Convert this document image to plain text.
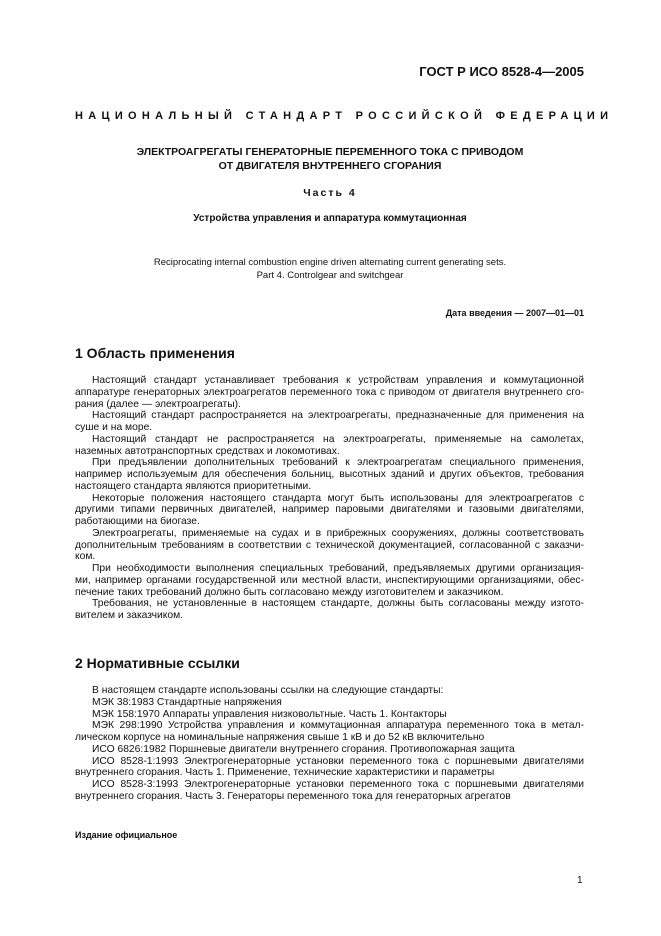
ГОСТ Р ИСО 8528-4—2005
НАЦИОНАЛЬНЫЙ СТАНДАРТ РОССИЙСКОЙ ФЕДЕРАЦИИ
ЭЛЕКТРОАГРЕГАТЫ ГЕНЕРАТОРНЫЕ ПЕРЕМЕННОГО ТОКА С ПРИВОДОМ
ОТ ДВИГАТЕЛЯ ВНУТРЕННЕГО СГОРАНИЯ
Часть 4
Устройства управления и аппаратура коммутационная
Reciprocating internal combustion engine driven alternating current generating sets.
Part 4. Controlgear and switchgear
Дата введения — 2007—01—01
1 Область применения
Настоящий стандарт устанавливает требования к устройствам управления и коммутационной
аппаратуре генераторных электроагрегатов переменного тока с приводом от двигателя внутреннего сго-
рания (далее — электроагрегаты).
Настоящий стандарт распространяется на электроагрегаты, предназначенные для применения на
суше и на море.
Настоящий стандарт не распространяется на электроагрегаты, применяемые на самолетах,
наземных автотранспортных средствах и локомотивах.
При предъявлении дополнительных требований к электроагрегатам специального применения,
например используемым для обеспечения больниц, высотных зданий и других объектов, требования
настоящего стандарта являются приоритетными.
Некоторые положения настоящего стандарта могут быть использованы для электроагрегатов с
другими типами первичных двигателей, например паровыми двигателями и газовыми двигателями,
работающими на биогазе.
Электроагрегаты, применяемые на судах и в прибрежных сооружениях, должны соответствовать
дополнительным требованиям в соответствии с технической документацией, согласованной с заказчи-
ком.
При необходимости выполнения специальных требований, предъявляемых другими организация-
ми, например органами государственной или местной власти, инспектирующими организациями, обес-
печение таких требований должно быть согласовано между изготовителем и заказчиком.
Требования, не установленные в настоящем стандарте, должны быть согласованы между изгото-
вителем и заказчиком.
2 Нормативные ссылки
В настоящем стандарте использованы ссылки на следующие стандарты:
МЭК 38:1983 Стандартные напряжения
МЭК 158:1970 Аппараты управления низковольтные. Часть 1. Контакторы
МЭК 298:1990 Устройства управления и коммутационная аппаратура переменного тока в метал-
лическом корпусе на номинальные напряжения свыше 1 кВ и до 52 кВ включительно
ИСО 6826:1982 Поршневые двигатели внутреннего сгорания. Противопожарная защита
ИСО 8528-1:1993 Электрогенераторные установки переменного тока с поршневыми двигателями
внутреннего сгорания. Часть 1. Применение, технические характеристики и параметры
ИСО 8528-3:1993 Электрогенераторные установки переменного тока с поршневыми двигателями
внутреннего сгорания. Часть 3. Генераторы переменного тока для генераторных агрегатов
Издание официальное
1
